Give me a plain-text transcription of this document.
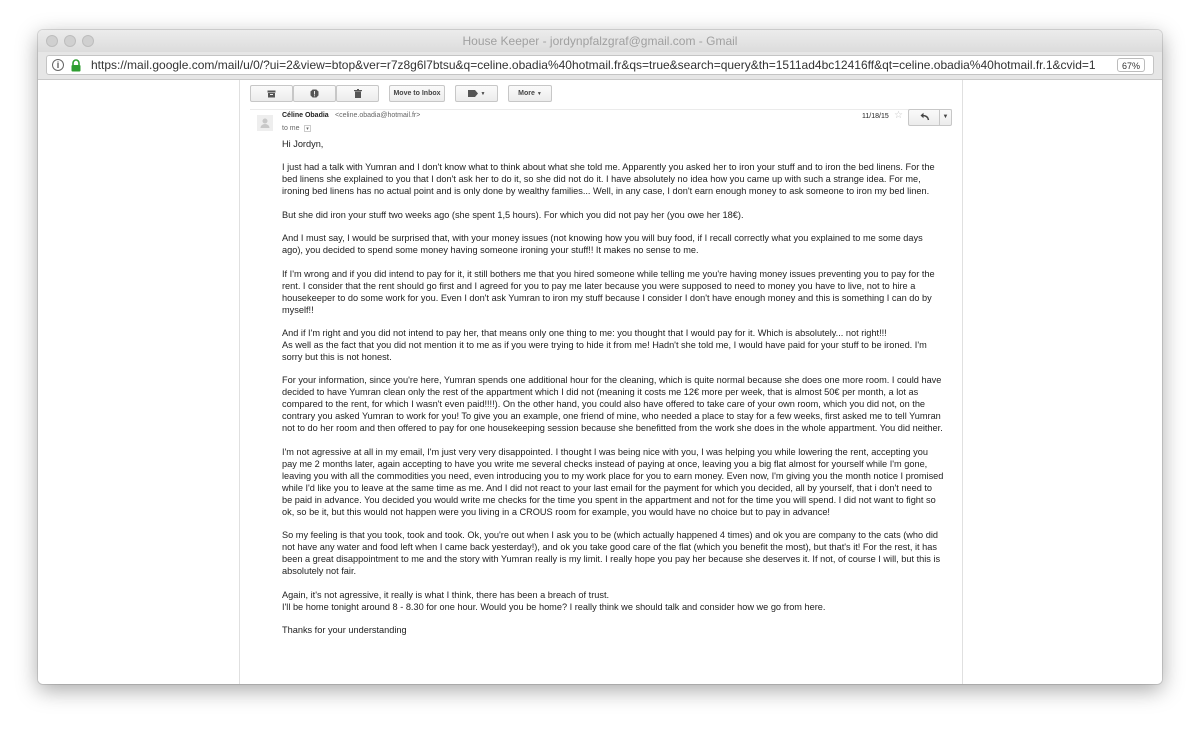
House Keeper - jordynpfalzgraf@gmail.com - Gmail
i	https://mail.google.com/mail/u/0/?ui=2&view=btop&ver=r7z8g6l7btsu&q=celine.obadia%40hotmail.fr&qs=true&search=query&th=1511ad4bc12416ff&qt=celine.obadia%40hotmail.fr.1&cvid=1	67%
Move to Inbox	▼	More ▼
Céline Obadia <celine.obadia@hotmail.fr>
to me	▾
11/18/15 ☆	▼

Hi Jordyn,

I just had a talk with Yumran and I don't know what to think about what she told me. Apparently you asked her to iron your stuff and to iron the bed linens. For the bed linens she explained to you that I don't ask her to do it, so she did not do it. I have absolutely no idea how you came up with such a strange idea. For me, ironing bed linens has no actual point and is only done by wealthy families... Well, in any case, I don't earn enough money to ask someone to iron my bed linen.

But she did iron your stuff two weeks ago (she spent 1,5 hours). For which you did not pay her (you owe her 18€).

And I must say, I would be surprised that, with your money issues (not knowing how you will buy food, if I recall correctly what you explained to me some days ago), you decided to spend some money having someone ironing your stuff!! It makes no sense to me.

If I'm wrong and if you did intend to pay for it, it still bothers me that you hired someone while telling me you're having money issues preventing you to pay for the rent. I consider that the rent should go first and I agreed for you to pay me later because you were supposed to need to money you have to live, not to hire a housekeeper to do some work for you. Even I don't ask Yumran to iron my stuff because I consider I don't have enough money and this is something I can do by myself!!

And if I'm right and you did not intend to pay her, that means only one thing to me: you thought that I would pay for it. Which is absolutely... not right!!!
As well as the fact that you did not mention it to me as if you were trying to hide it from me! Hadn't she told me, I would have paid for your stuff to be ironed. I'm sorry but this is not honest.

For your information, since you're here, Yumran spends one additional hour for the cleaning, which is quite normal because she does one more room. I could have decided to have Yumran clean only the rest of the appartment which I did not (meaning it costs me 12€ more per week, that is almost 50€ per month, a lot as compared to the rent, for which I wasn't even paid!!!!). On the other hand, you could also have offered to take care of your own room, which you did not, on the contrary you asked Yumran to work for you! To give you an example, one friend of mine, who needed a place to stay for a few weeks, first asked me to tell Yumran not to do her room and then offered to pay for one housekeeping session because she benefitted from the work she does in the whole appartment. You did neither.

I'm not agressive at all in my email, I'm just very very disappointed. I thought I was being nice with you, I was helping you while lowering the rent, accepting you pay me 2 months later, again accepting to have you write me several checks instead of paying at once, leaving you a big flat almost for yourself while I'm gone, leaving you with all the commodities you need, even introducing you to my work place for you to earn money. Even now, I'm giving you the month notice I promised while I'd like you to leave at the same time as me. And I did not react to your last email for the payment for which you decided, all by yourself, that i don't need to be paid in advance. You decided you would write me checks for the time you spent in the appartment and not for the time you will spend. I did not want to fight so ok, so be it, but this would not happen were you living in a CROUS room for example, you would have no choice but to pay in advance!

So my feeling is that you took, took and took. Ok, you're out when I ask you to be (which actually happened 4 times) and ok you are company to the cats (who did not have any water and food left when I came back yesterday!), and ok you take good care of the flat (which you benefit the most), but that's it! For the rest, it has been a great disappointment to me and the story with Yumran really is my limit. I really hope you pay her because she deserves it. If not, of course I will, but this is absolutely not fair.

Again, it's not agressive, it really is what I think, there has been a breach of trust.
I'll be home tonight around 8 - 8.30 for one hour. Would you be home? I really think we should talk and consider how we go from here.

Thanks for your understanding
